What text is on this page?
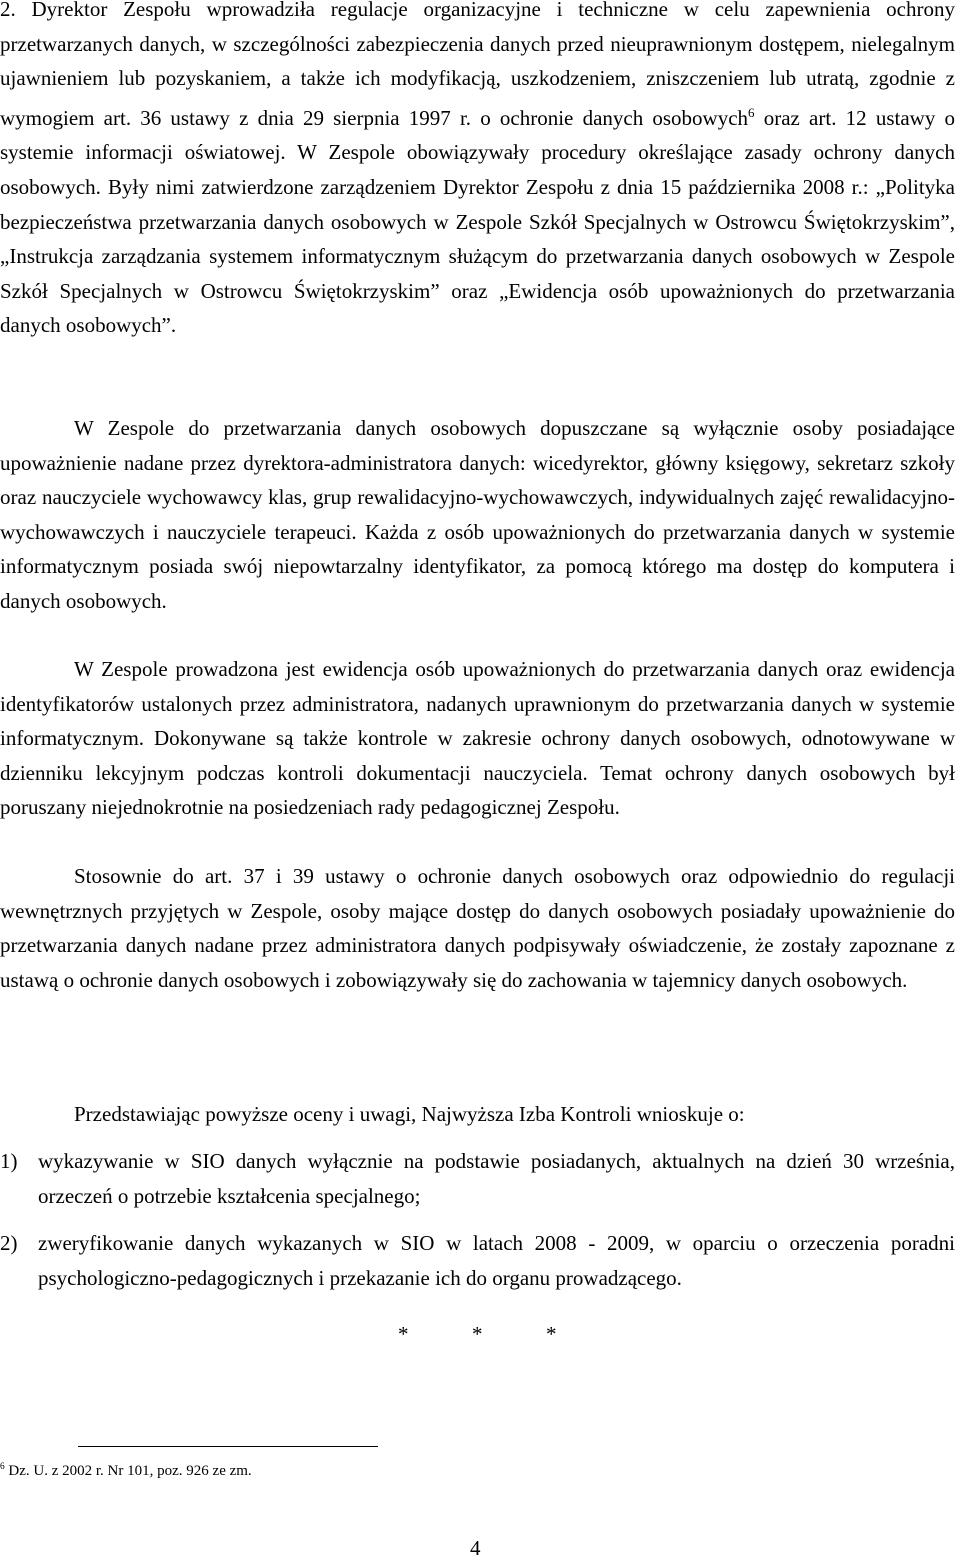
2. Dyrektor Zespołu wprowadziła regulacje organizacyjne i techniczne w celu zapewnienia ochrony przetwarzanych danych, w szczególności zabezpieczenia danych przed nieuprawnionym dostępem, nielegalnym ujawnieniem lub pozyskaniem, a także ich modyfikacją, uszkodzeniem, zniszczeniem lub utratą, zgodnie z wymogiem art. 36 ustawy z dnia 29 sierpnia 1997 r. o ochronie danych osobowych$^6$ oraz art. 12 ustawy o systemie informacji oświatowej. W Zespole obowiązywały procedury określające zasady ochrony danych osobowych. Były nimi zatwierdzone zarządzeniem Dyrektor Zespołu z dnia 15 października 2008 r.: „Polityka bezpieczeństwa przetwarzania danych osobowych w Zespole Szkół Specjalnych w Ostrowcu Świętokrzyskim”, „Instrukcja zarządzania systemem informatycznym służącym do przetwarzania danych osobowych w Zespole Szkół Specjalnych w Ostrowcu Świętokrzyskim” oraz „Ewidencja osób upoważnionych do przetwarzania danych osobowych”.

W Zespole do przetwarzania danych osobowych dopuszczane są wyłącznie osoby posiadające upoważnienie nadane przez dyrektora-administratora danych: wicedyrektor, główny księgowy, sekretarz szkoły oraz nauczyciele wychowawcy klas, grup rewalidacyjno-wychowawczych, indywidualnych zajęć rewalidacyjno-wychowawczych i nauczyciele terapeuci. Każda z osób upoważnionych do przetwarzania danych w systemie informatycznym posiada swój niepowtarzalny identyfikator, za pomocą którego ma dostęp do komputera i danych osobowych.

W Zespole prowadzona jest ewidencja osób upoważnionych do przetwarzania danych oraz ewidencja identyfikatorów ustalonych przez administratora, nadanych uprawnionym do przetwarzania danych w systemie informatycznym. Dokonywane są także kontrole w zakresie ochrony danych osobowych, odnotowywane w dzienniku lekcyjnym podczas kontroli dokumentacji nauczyciela. Temat ochrony danych osobowych był poruszany niejednokrotnie na posiedzeniach rady pedagogicznej Zespołu.

Stosownie do art. 37 i 39 ustawy o ochronie danych osobowych oraz odpowiednio do regulacji wewnętrznych przyjętych w Zespole, osoby mające dostęp do danych osobowych posiadały upoważnienie do przetwarzania danych nadane przez administratora danych podpisywały oświadczenie, że zostały zapoznane z ustawą o ochronie danych osobowych i zobowiązywały się do zachowania w tajemnicy danych osobowych.

Przedstawiając powyższe oceny i uwagi, Najwyższa Izba Kontroli wnioskuje o:

1) wykazywanie w SIO danych wyłącznie na podstawie posiadanych, aktualnych na dzień 30 września, orzeczeń o potrzebie kształcenia specjalnego;
2) zweryfikowanie danych wykazanych w SIO w latach 2008 - 2009, w oparciu o orzeczenia poradni psychologiczno-pedagogicznych i przekazanie ich do organu prowadzącego.
*	*	*
$^6$ Dz. U. z 2002 r. Nr 101, poz. 926 ze zm.
4
